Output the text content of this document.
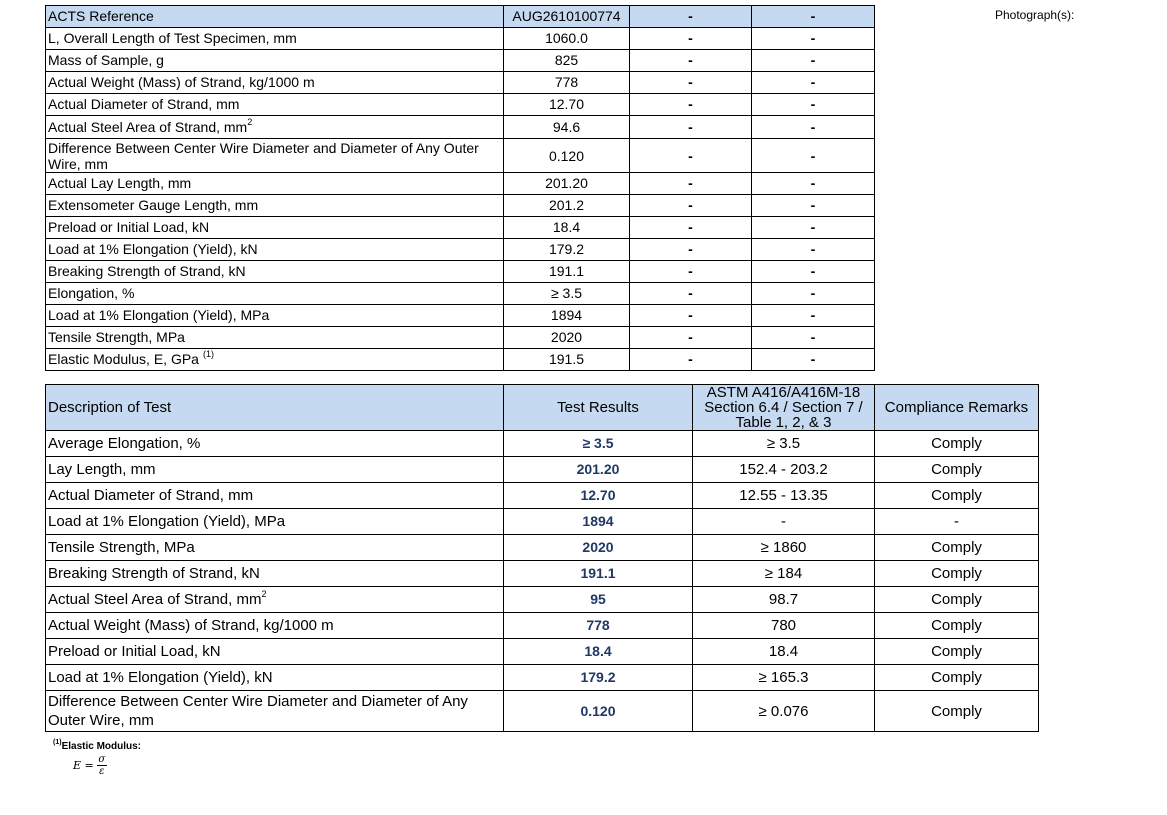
Photograph(s):
ACTS Reference	AUG2610100774	-	-
L, Overall Length of Test Specimen, mm	1060.0	-	-
Mass of Sample, g	825	-	-
Actual Weight (Mass) of Strand, kg/1000 m	778	-	-
Actual Diameter of Strand, mm	12.70	-	-
Actual Steel Area of Strand, $mm^2$	94.6	-	-
Difference Between Center Wire Diameter and Diameter of Any Outer Wire, mm	0.120	-	-
Actual Lay Length, mm	201.20	-	-
Extensometer Gauge Length, mm	201.2	-	-
Preload or Initial Load, kN	18.4	-	-
Load at 1% Elongation (Yield), kN	179.2	-	-
Breaking Strength of Strand, kN	191.1	-	-
Elongation, %	≥ 3.5	-	-
Load at 1% Elongation (Yield), MPa	1894	-	-
Tensile Strength, MPa	2020	-	-
Elastic Modulus, E, GPa $^{(1)}$	191.5	-	-
Description of Test	Test Results	ASTM A416/A416M-18 Section 6.4 / Section 7 / Table 1, 2, & 3	Compliance Remarks
Average Elongation, %	≥ 3.5	≥ 3.5	Comply
Lay Length, mm	201.20	152.4 - 203.2	Comply
Actual Diameter of Strand, mm	12.70	12.55 - 13.35	Comply
Load at 1% Elongation (Yield), MPa	1894	-	-
Tensile Strength, MPa	2020	≥ 1860	Comply
Breaking Strength of Strand, kN	191.1	≥ 184	Comply
Actual Steel Area of Strand, $mm^2$	95	98.7	Comply
Actual Weight (Mass) of Strand, kg/1000 m	778	780	Comply
Preload or Initial Load, kN	18.4	18.4	Comply
Load at 1% Elongation (Yield), kN	179.2	≥ 165.3	Comply
Difference Between Center Wire Diameter and Diameter of Any Outer Wire, mm	0.120	≥ 0.076	Comply
$^{(1)}$Elastic Modulus:
$E = \frac{\sigma}{\varepsilon}$
